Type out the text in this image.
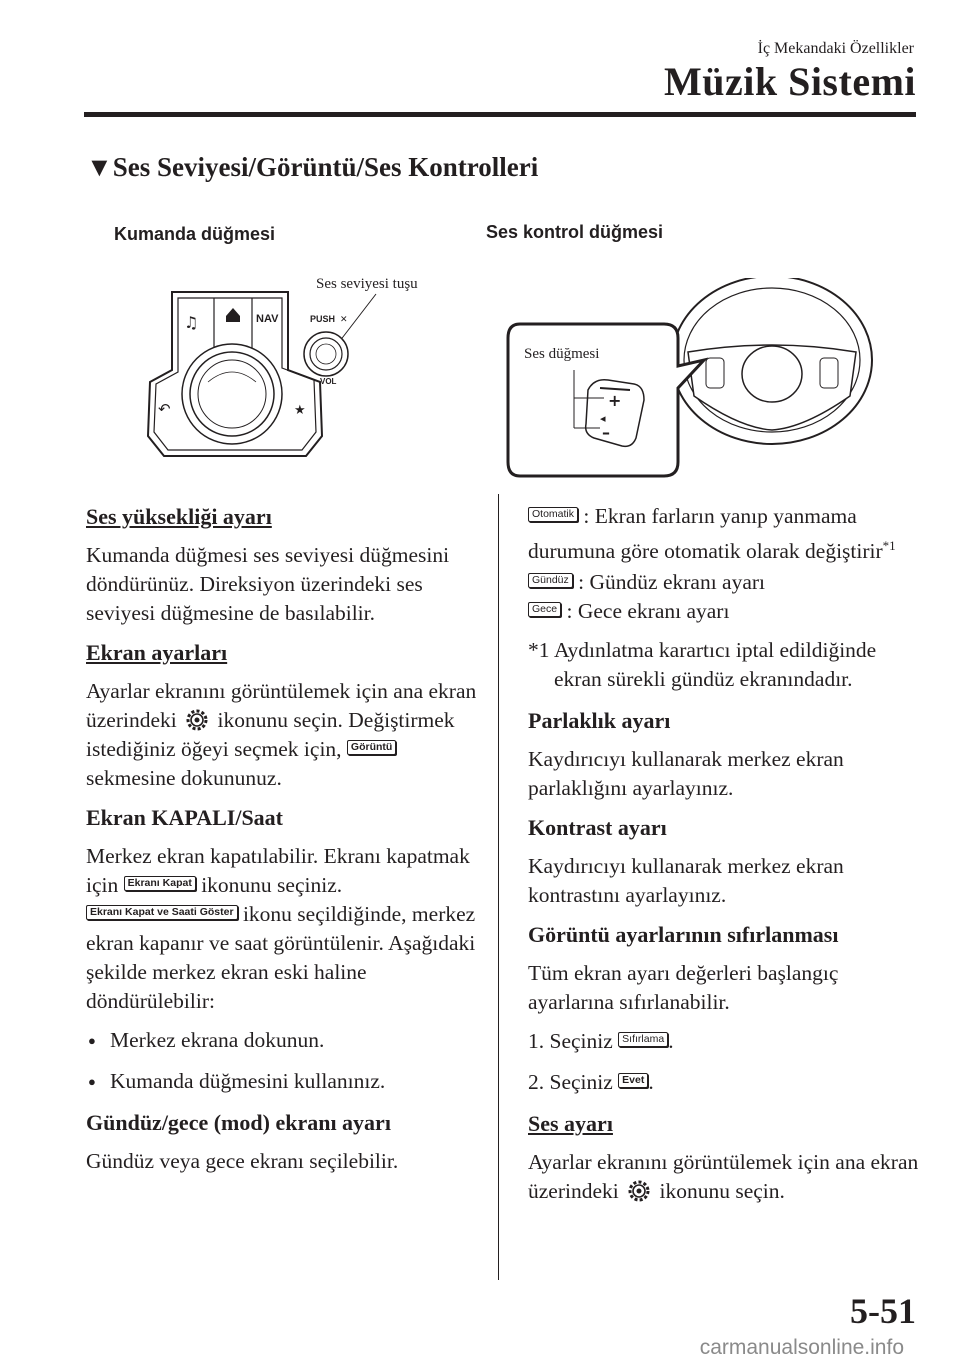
İç Mekandaki Özellikler
Müzik Sistemi
▼Ses Seviyesi/Görüntü/Ses Kontrolleri
Kumanda düğmesi	Ses kontrol düğmesi
Ses seviyesi tuşu
♫	NAV
↶	★
PUSH ✕
VOL
Ses düğmesi
+
◂
–

Ses yüksekliği ayarı

Kumanda düğmesi ses seviyesi düğmesini döndürünüz. Direksiyon üzerindeki ses seviyesi düğmesine de basılabilir.

Ekran ayarları

Ayarlar ekranını görüntülemek için ana ekran üzerindeki ikonunu seçin. Değiştirmek istediğiniz öğeyi seçmek için, Görüntü sekmesine dokununuz.

Ekran KAPALI/Saat

Merkez ekran kapatılabilir. Ekranı kapatmak için Ekranı Kapat ikonunu seçiniz. Ekranı Kapat ve Saati Göster ikonu seçildiğinde, merkez ekran kapanır ve saat görüntülenir. Aşağıdaki şekilde merkez ekran eski haline döndürülebilir:

● Merkez ekrana dokunun.
● Kumanda düğmesini kullanınız.

Gündüz/gece (mod) ekranı ayarı

Gündüz veya gece ekranı seçilebilir.

Otomatik : Ekran farların yanıp yanmama durumuna göre otomatik olarak değiştirir$^{*1}$

Gündüz : Gündüz ekranı ayarı

Gece : Gece ekranı ayarı

*1 Aydınlatma karartıcı iptal edildiğinde ekran sürekli gündüz ekranındadır.

Parlaklık ayarı

Kaydırıcıyı kullanarak merkez ekran parlaklığını ayarlayınız.

Kontrast ayarı

Kaydırıcıyı kullanarak merkez ekran kontrastını ayarlayınız.

Görüntü ayarlarının sıfırlanması

Tüm ekran ayarı değerleri başlangıç ayarlarına sıfırlanabilir.

1. Seçiniz Sıfırlama .
2. Seçiniz Evet .

Ses ayarı

Ayarlar ekranını görüntülemek için ana ekran üzerindeki ikonunu seçin.

5-51
carmanualsonline.info
